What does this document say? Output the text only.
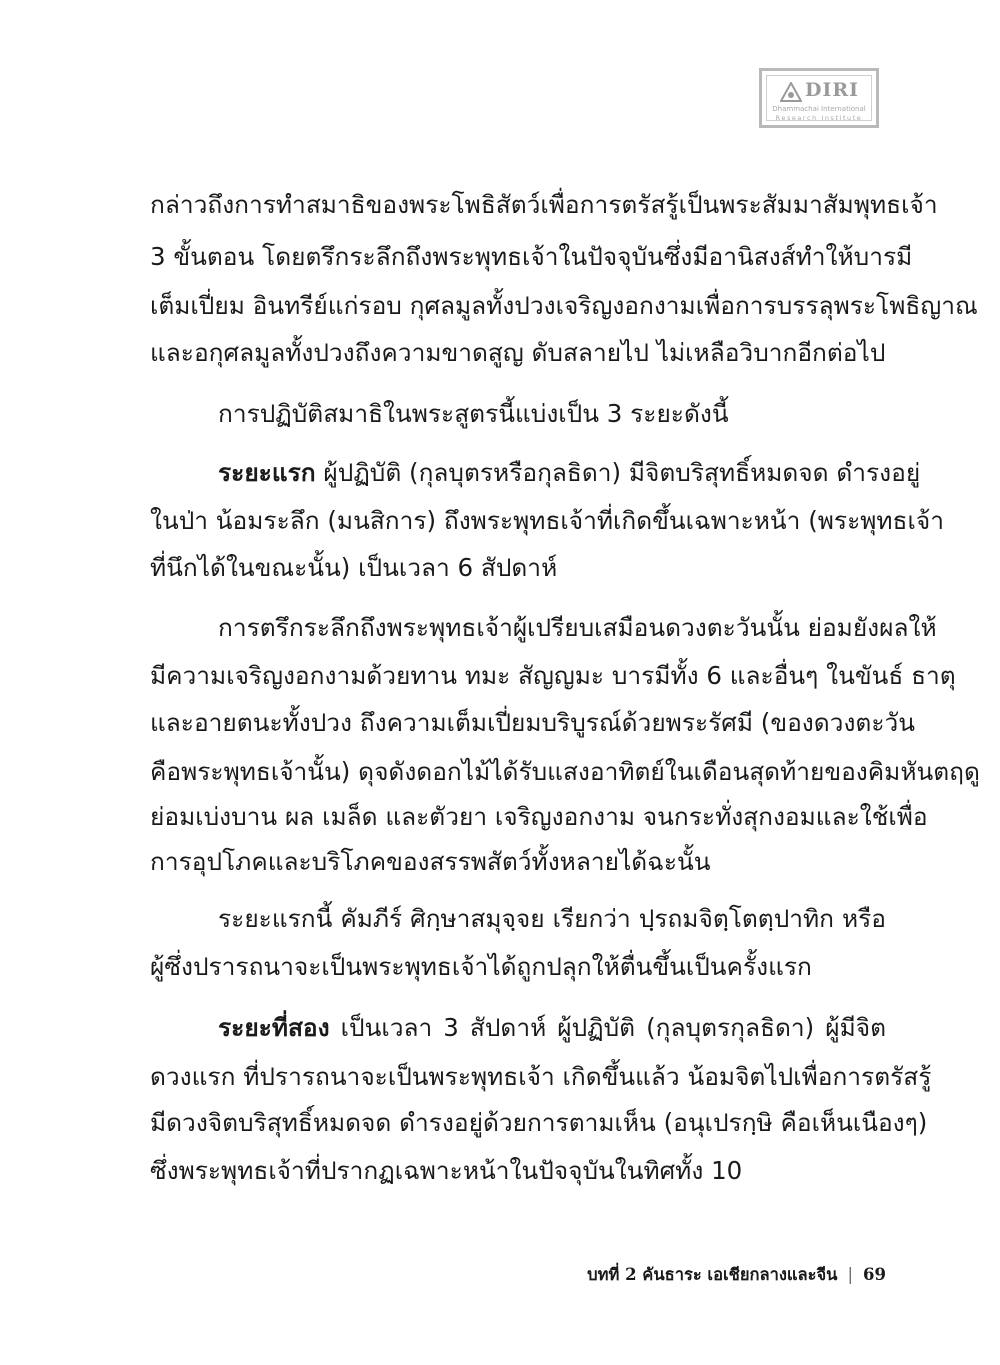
DIRI
Dhammachai International
Research Institute
กล่าวถึงการทำสมาธิของพระโพธิสัตว์เพื่อการตรัสรู้เป็นพระสัมมาสัมพุทธเจ้า
3 ขั้นตอน โดยตรึกระลึกถึงพระพุทธเจ้าในปัจจุบันซึ่งมีอานิสงส์ทำให้บารมี
เต็มเปี่ยม อินทรีย์แก่รอบ กุศลมูลทั้งปวงเจริญงอกงามเพื่อการบรรลุพระโพธิญาณ
และอกุศลมูลทั้งปวงถึงความขาดสูญ ดับสลายไป ไม่เหลือวิบากอีกต่อไป
การปฏิบัติสมาธิในพระสูตรนี้แบ่งเป็น 3 ระยะดังนี้
ระยะแรก ผู้ปฏิบัติ (กุลบุตรหรือกุลธิดา) มีจิตบริสุทธิ์หมดจด ดำรงอยู่
ในป่า น้อมระลึก (มนสิการ) ถึงพระพุทธเจ้าที่เกิดขึ้นเฉพาะหน้า (พระพุทธเจ้า
ที่นึกได้ในขณะนั้น) เป็นเวลา 6 สัปดาห์
การตรึกระลึกถึงพระพุทธเจ้าผู้เปรียบเสมือนดวงตะวันนั้น ย่อมยังผลให้
มีความเจริญงอกงามด้วยทาน ทมะ สัญญมะ บารมีทั้ง 6 และอื่นๆ ในขันธ์ ธาตุ
และอายตนะทั้งปวง ถึงความเต็มเปี่ยมบริบูรณ์ด้วยพระรัศมี (ของดวงตะวัน
คือพระพุทธเจ้านั้น) ดุจดังดอกไม้ได้รับแสงอาทิตย์ในเดือนสุดท้ายของคิมหันตฤดู
ย่อมเบ่งบาน ผล เมล็ด และตัวยา เจริญงอกงาม จนกระทั่งสุกงอมและใช้เพื่อ
การอุปโภคและบริโภคของสรรพสัตว์ทั้งหลายได้ฉะนั้น
ระยะแรกนี้ คัมภีร์ ศิกฺษาสมุจฺจย เรียกว่า ปฺรถมจิตฺโตตฺปาทิก หรือ
ผู้ซึ่งปรารถนาจะเป็นพระพุทธเจ้าได้ถูกปลุกให้ตื่นขึ้นเป็นครั้งแรก
ระยะที่สอง เป็นเวลา 3 สัปดาห์ ผู้ปฏิบัติ (กุลบุตรกุลธิดา) ผู้มีจิต
ดวงแรก ที่ปรารถนาจะเป็นพระพุทธเจ้า เกิดขึ้นแล้ว น้อมจิตไปเพื่อการตรัสรู้
มีดวงจิตบริสุทธิ์หมดจด ดำรงอยู่ด้วยการตามเห็น (อนุเปรกฺษิ คือเห็นเนืองๆ)
ซึ่งพระพุทธเจ้าที่ปรากฏเฉพาะหน้าในปัจจุบันในทิศทั้ง 10
บทที่ 2 คันธาระ เอเชียกลางและจีน | 69
